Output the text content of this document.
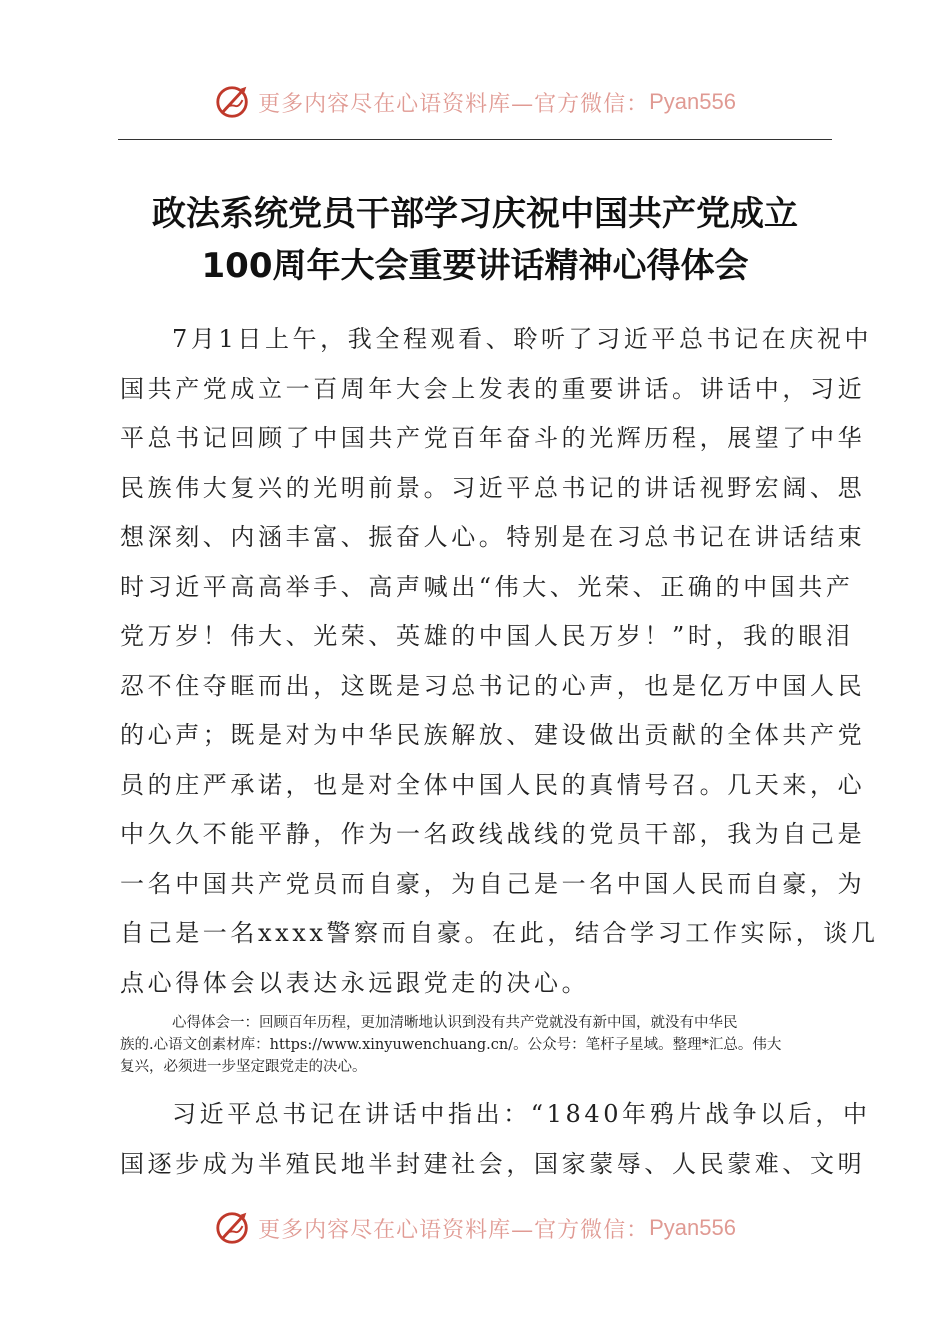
更多内容尽在心语资料库—官方微信： Pyan556
政法系统党员干部学习庆祝中国共产党成立
100周年大会重要讲话精神心得体会
7月1日上午，我全程观看、聆听了习近平总书记在庆祝中
国共产党成立一百周年大会上发表的重要讲话。讲话中，习近
平总书记回顾了中国共产党百年奋斗的光辉历程，展望了中华
民族伟大复兴的光明前景。习近平总书记的讲话视野宏阔、思
想深刻、内涵丰富、振奋人心。特别是在习总书记在讲话结束
时习近平高高举手、高声喊出“伟大、光荣、正确的中国共产
党万岁！伟大、光荣、英雄的中国人民万岁！”时，我的眼泪
忍不住夺眶而出，这既是习总书记的心声，也是亿万中国人民
的心声；既是对为中华民族解放、建设做出贡献的全体共产党
员的庄严承诺，也是对全体中国人民的真情号召。几天来，心
中久久不能平静，作为一名政线战线的党员干部，我为自己是
一名中国共产党员而自豪，为自己是一名中国人民而自豪，为
自己是一名xxxx警察而自豪。在此，结合学习工作实际，谈几
点心得体会以表达永远跟党走的决心。
心得体会一：回顾百年历程，更加清晰地认识到没有共产党就没有新中国，就没有中华民
族的.心语文创素材库：https://www.xinyuwenchuang.cn/。公众号：笔杆子星域。整理*汇总。伟大
复兴，必须进一步坚定跟党走的决心。
习近平总书记在讲话中指出：“1840年鸦片战争以后，中
国逐步成为半殖民地半封建社会，国家蒙辱、人民蒙难、文明
更多内容尽在心语资料库—官方微信： Pyan556
